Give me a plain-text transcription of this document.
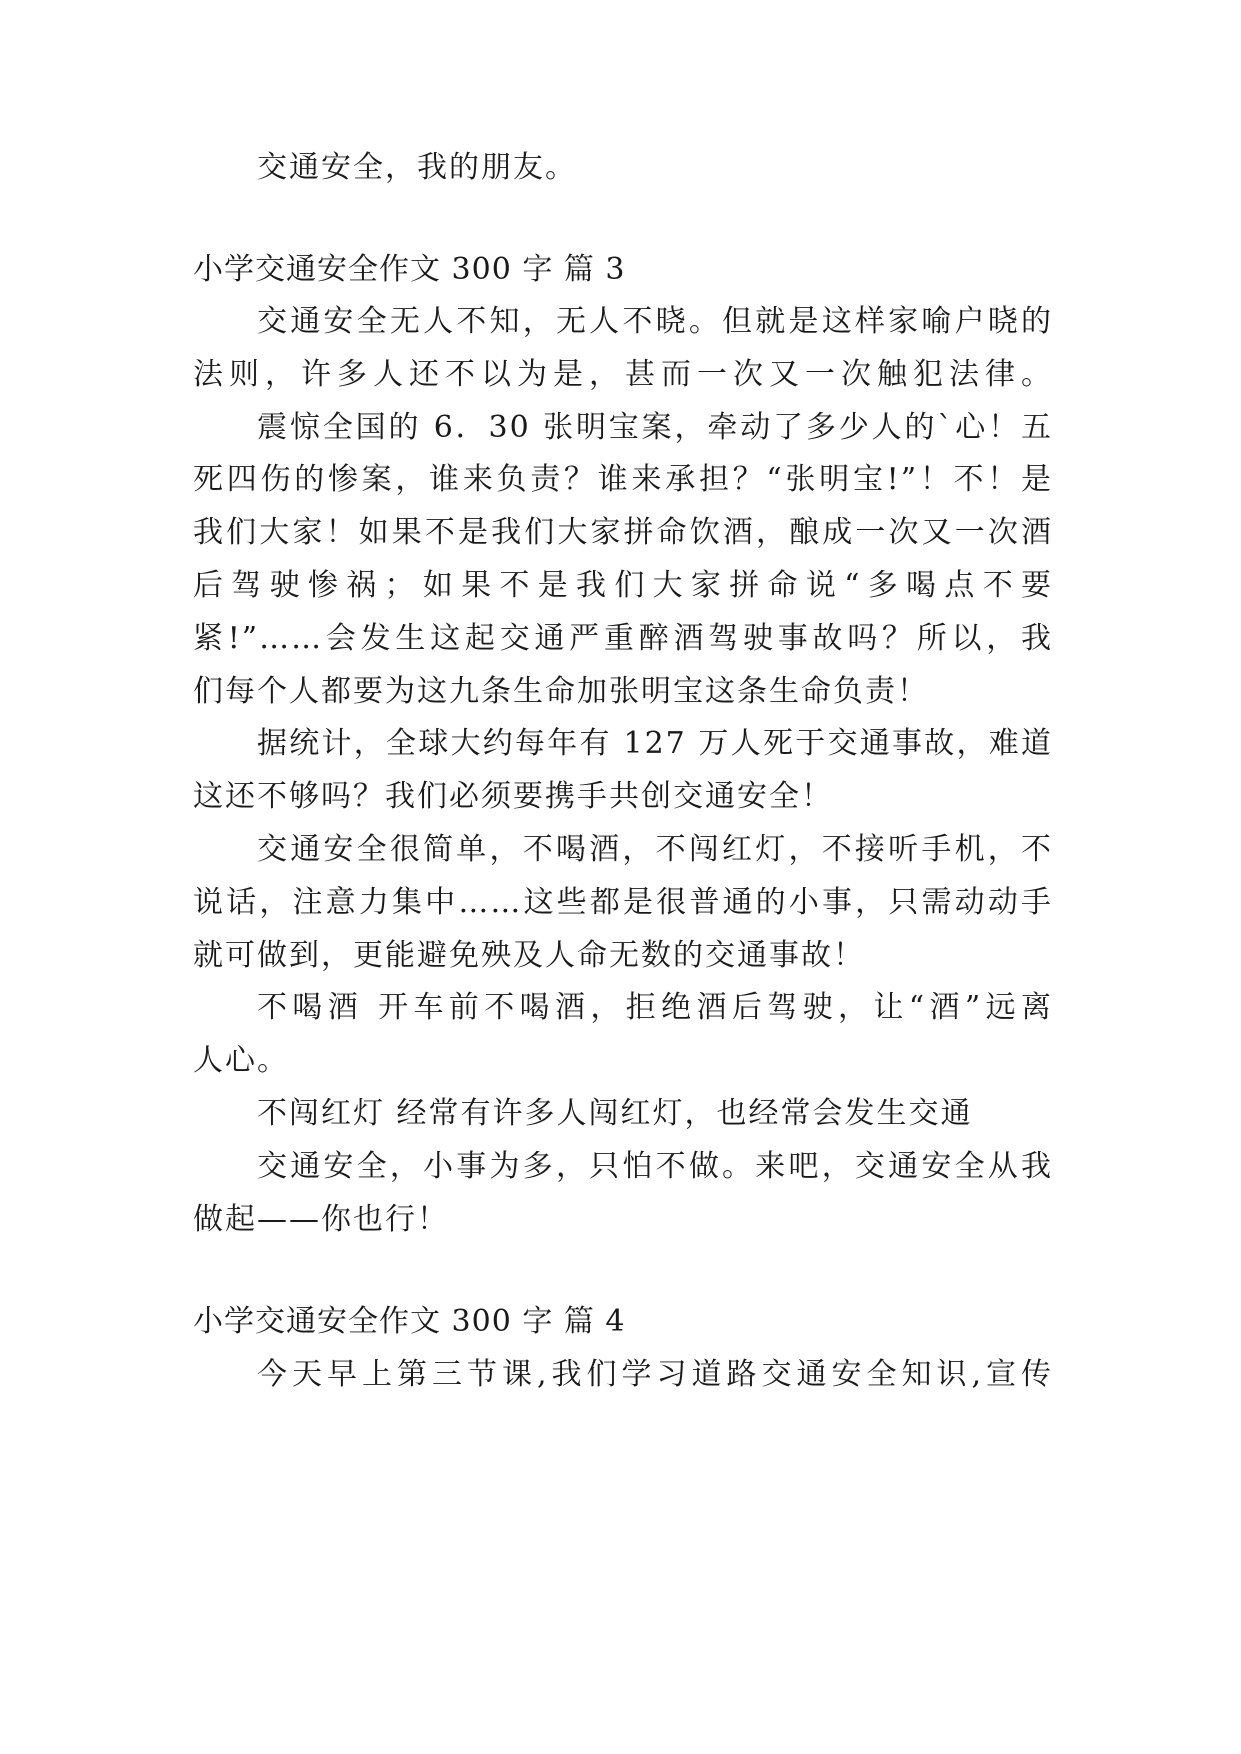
交通安全，我的朋友。
小学交通安全作文 300 字 篇 3
交通安全无人不知，无人不晓。但就是这样家喻户晓的
法则，许多人还不以为是，甚而一次又一次触犯法律。
震惊全国的 6．30 张明宝案，牵动了多少人的`心！五
死四伤的惨案，谁来负责？谁来承担？“张明宝!”！不！是
我们大家！如果不是我们大家拼命饮酒，酿成一次又一次酒
后驾驶惨祸；如果不是我们大家拼命说“多喝点不要
紧!”……会发生这起交通严重醉酒驾驶事故吗？所以，我
们每个人都要为这九条生命加张明宝这条生命负责！
据统计，全球大约每年有 127 万人死于交通事故，难道
这还不够吗？我们必须要携手共创交通安全！
交通安全很简单，不喝酒，不闯红灯，不接听手机，不
说话，注意力集中……这些都是很普通的小事，只需动动手
就可做到，更能避免殃及人命无数的交通事故！
不喝酒 开车前不喝酒，拒绝酒后驾驶，让“酒”远离
人心。
不闯红灯 经常有许多人闯红灯，也经常会发生交通
交通安全，小事为多，只怕不做。来吧，交通安全从我
做起——你也行！
小学交通安全作文 300 字 篇 4
今天早上第三节课,我们学习道路交通安全知识,宣传
